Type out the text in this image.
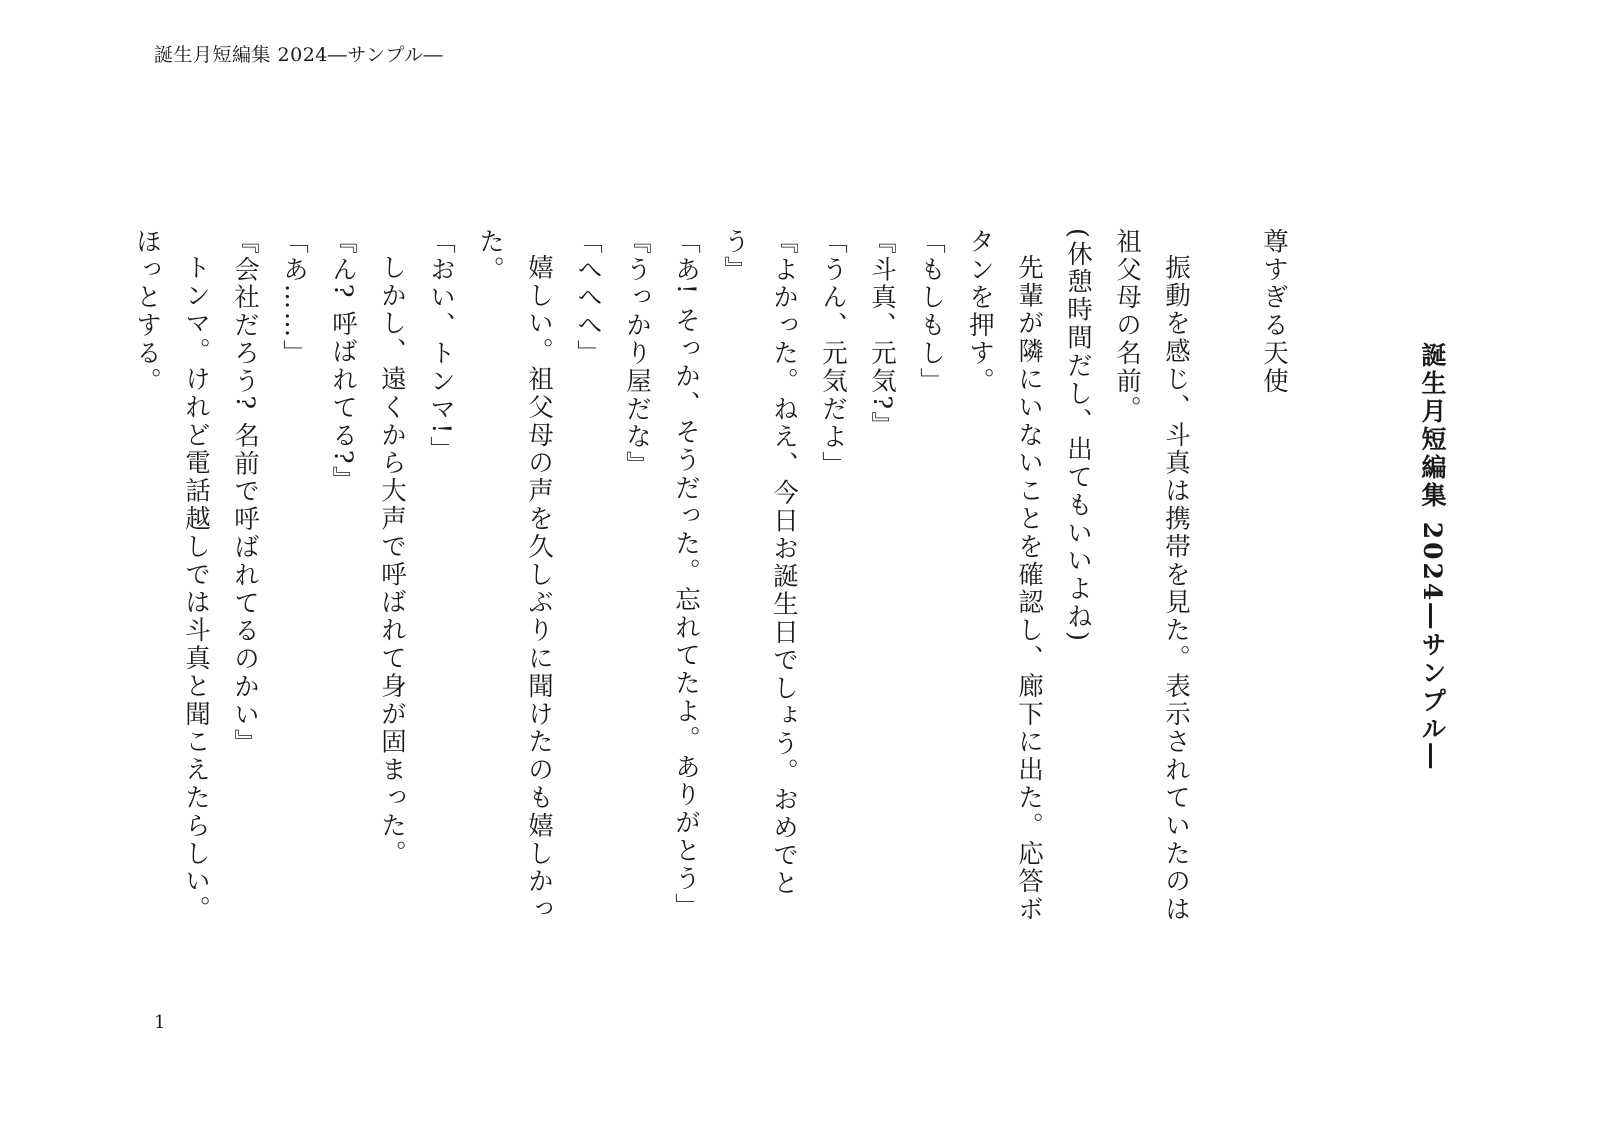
誕生月短編集 2024―サンプル―
誕生月短編集 2024―サンプル―
尊すぎる天使

振動を感じ、斗真は携帯を見た。表示されていたのは祖父母の名前。

(休憩時間だし、出てもいいよね)

先輩が隣にいないことを確認し、廊下に出た。応答ボタンを押す。

「もしもし」

『斗真、元気?』

「うん、元気だよ」

『よかった。ねえ、今日お誕生日でしょう。おめでとう』

「あ! そっか、そうだった。忘れてたよ。ありがとう」

『うっかり屋だな』

「へへへ」

嬉しい。祖父母の声を久しぶりに聞けたのも嬉しかった。

「おい、トンマ!」

しかし、遠くから大声で呼ばれて身が固まった。

『ん? 呼ばれてる?』

「あ……」

『会社だろう? 名前で呼ばれてるのかい』

トンマ。けれど電話越しでは斗真と聞こえたらしい。

ほっとする。

1
